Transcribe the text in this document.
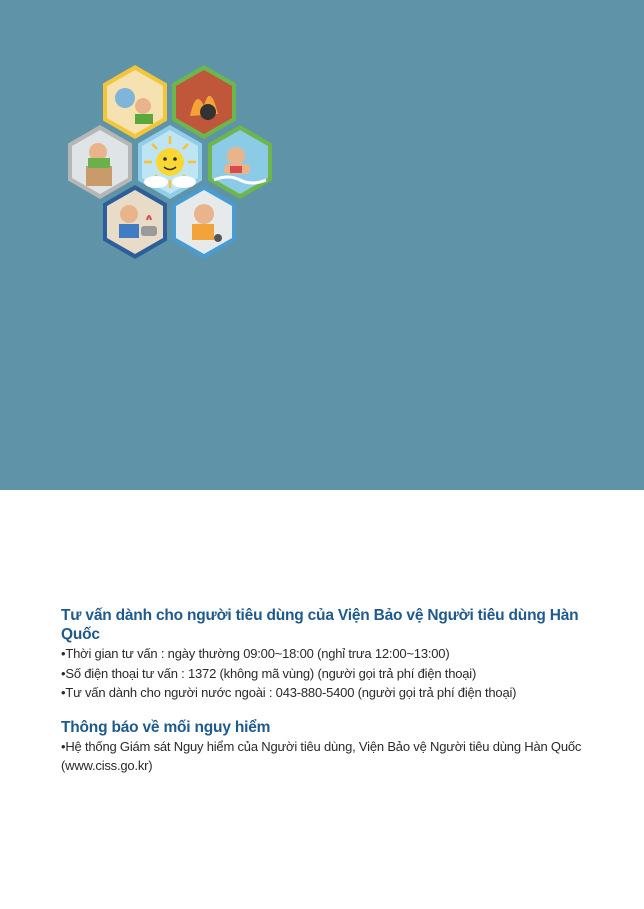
Tư vấn dành cho người tiêu dùng của Viện Bảo vệ Người tiêu dùng Hàn Quốc

•Thời gian tư vấn : ngày thường 09:00~18:00 (nghỉ trưa 12:00~13:00)

•Số điện thoại tư vấn : 1372 (không mã vùng) (người gọi trả phí điện thoại)

•Tư vấn dành cho người nước ngoài : 043-880-5400 (người gọi trả phí điện thoại)

Thông báo về mối nguy hiểm

•Hệ thống Giám sát Nguy hiểm của Người tiêu dùng, Viện Bảo vệ Người tiêu dùng Hàn Quốc (www.ciss.go.kr)
